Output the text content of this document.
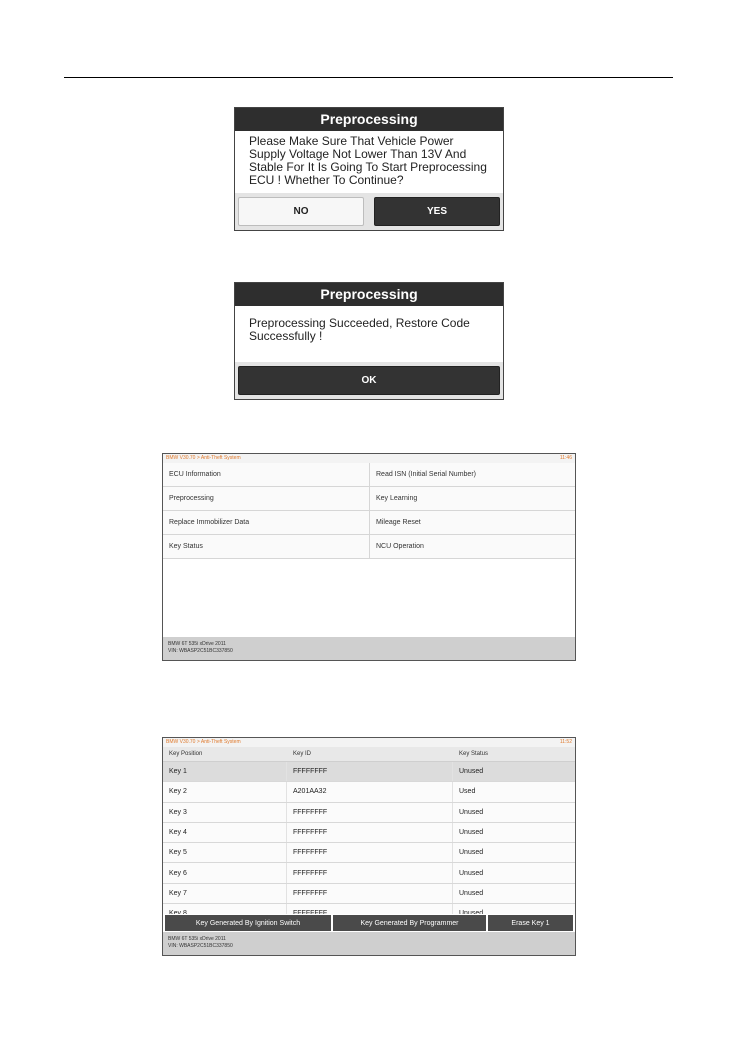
Preprocessing
Please Make Sure That Vehicle Power Supply Voltage Not Lower Than 13V And Stable For It Is Going To Start Preprocessing ECU ! Whether To Continue?
NO	YES
Preprocessing
Preprocessing Succeeded, Restore Code Successfully !
OK
BMW V30.70 > Anti-Theft System	11:46
ECU Information	Read ISN (Initial Serial Number)
Preprocessing	Key Learning
Replace Immobilizer Data	Mileage Reset
Key Status	NCU Operation
BMW 6T 535i xDrive 2011
VIN: WBASP2C51BC337850
BMW V30.70 > Anti-Theft System	11:52
Key Position	Key ID	Key Status
Key 1	FFFFFFFF	Unused
Key 2	A201AA32	Used
Key 3	FFFFFFFF	Unused
Key 4	FFFFFFFF	Unused
Key 5	FFFFFFFF	Unused
Key 6	FFFFFFFF	Unused
Key 7	FFFFFFFF	Unused
Key Generated By Ignition Switch	Key Generated By Programmer	Erase Key 1
BMW 6T 535i xDrive 2011
VIN: WBASP2C51BC337850
